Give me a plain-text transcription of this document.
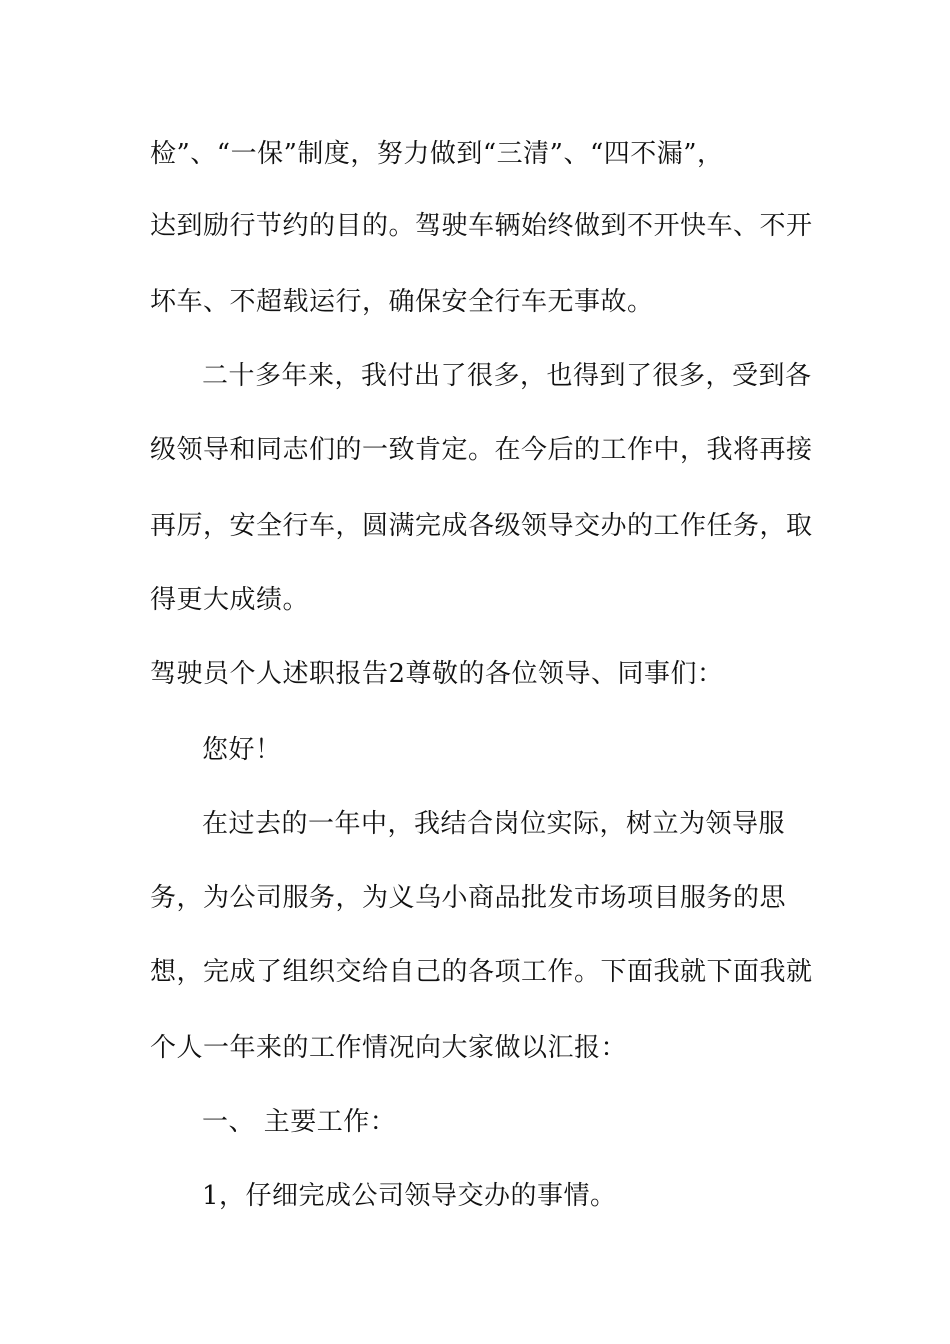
检”、“一保”制度，努力做到“三清”、“四不漏”，
达到励行节约的目的。驾驶车辆始终做到不开快车、不开
坏车、不超载运行，确保安全行车无事故。
二十多年来，我付出了很多，也得到了很多，受到各
级领导和同志们的一致肯定。在今后的工作中，我将再接
再厉，安全行车，圆满完成各级领导交办的工作任务，取
得更大成绩。
驾驶员个人述职报告2尊敬的各位领导、同事们：
您好！
在过去的一年中，我结合岗位实际，树立为领导服
务，为公司服务，为义乌小商品批发市场项目服务的思
想，完成了组织交给自己的各项工作。下面我就下面我就
个人一年来的工作情况向大家做以汇报：
一、 主要工作：
1，仔细完成公司领导交办的事情。
